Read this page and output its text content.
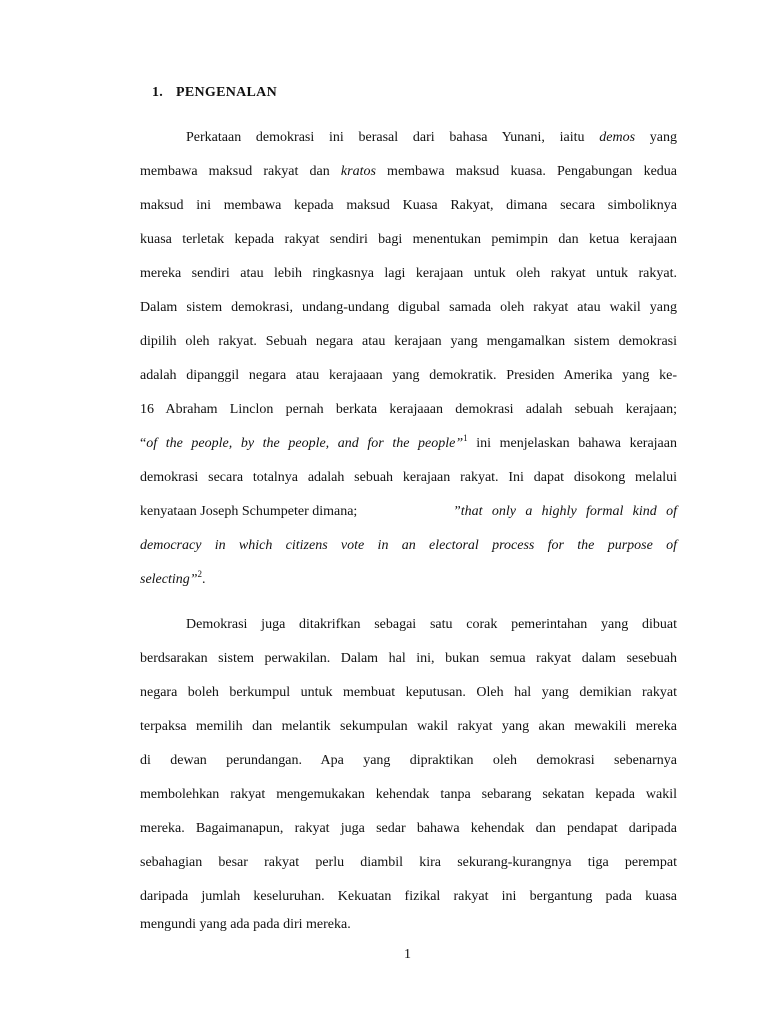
1. PENGENALAN
Perkataan demokrasi ini berasal dari bahasa Yunani, iaitu demos yang
membawa maksud rakyat dan kratos membawa maksud kuasa. Pengabungan kedua
maksud ini membawa kepada maksud Kuasa Rakyat, dimana secara simboliknya
kuasa terletak kepada rakyat sendiri bagi menentukan pemimpin dan ketua kerajaan
mereka sendiri atau lebih ringkasnya lagi kerajaan untuk oleh rakyat untuk rakyat.
Dalam sistem demokrasi, undang-undang digubal samada oleh rakyat atau wakil yang
dipilih oleh rakyat. Sebuah negara atau kerajaan yang mengamalkan sistem demokrasi
adalah dipanggil negara atau kerajaaan yang demokratik. Presiden Amerika yang ke-
16 Abraham Linclon pernah berkata kerajaaan demokrasi adalah sebuah kerajaan;
“of the people, by the people, and for the people”$^1$ ini menjelaskan bahawa kerajaan
demokrasi secara totalnya adalah sebuah kerajaan rakyat. Ini dapat disokong melalui
kenyataan Joseph Schumpeter dimana;	”that only a highly formal kind of
democracy in which citizens vote in an electoral process for the purpose of
selecting”$^2$.
Demokrasi juga ditakrifkan sebagai satu corak pemerintahan yang dibuat
berdsarakan sistem perwakilan. Dalam hal ini, bukan semua rakyat dalam sesebuah
negara boleh berkumpul untuk membuat keputusan. Oleh hal yang demikian rakyat
terpaksa memilih dan melantik sekumpulan wakil rakyat yang akan mewakili mereka
di dewan perundangan. Apa yang dipraktikan oleh demokrasi sebenarnya
membolehkan rakyat mengemukakan kehendak tanpa sebarang sekatan kepada wakil
mereka. Bagaimanapun, rakyat juga sedar bahawa kehendak dan pendapat daripada
sebahagian besar rakyat perlu diambil kira sekurang-kurangnya tiga perempat
daripada jumlah keseluruhan. Kekuatan fizikal rakyat ini bergantung pada kuasa
mengundi yang ada pada diri mereka.
1
